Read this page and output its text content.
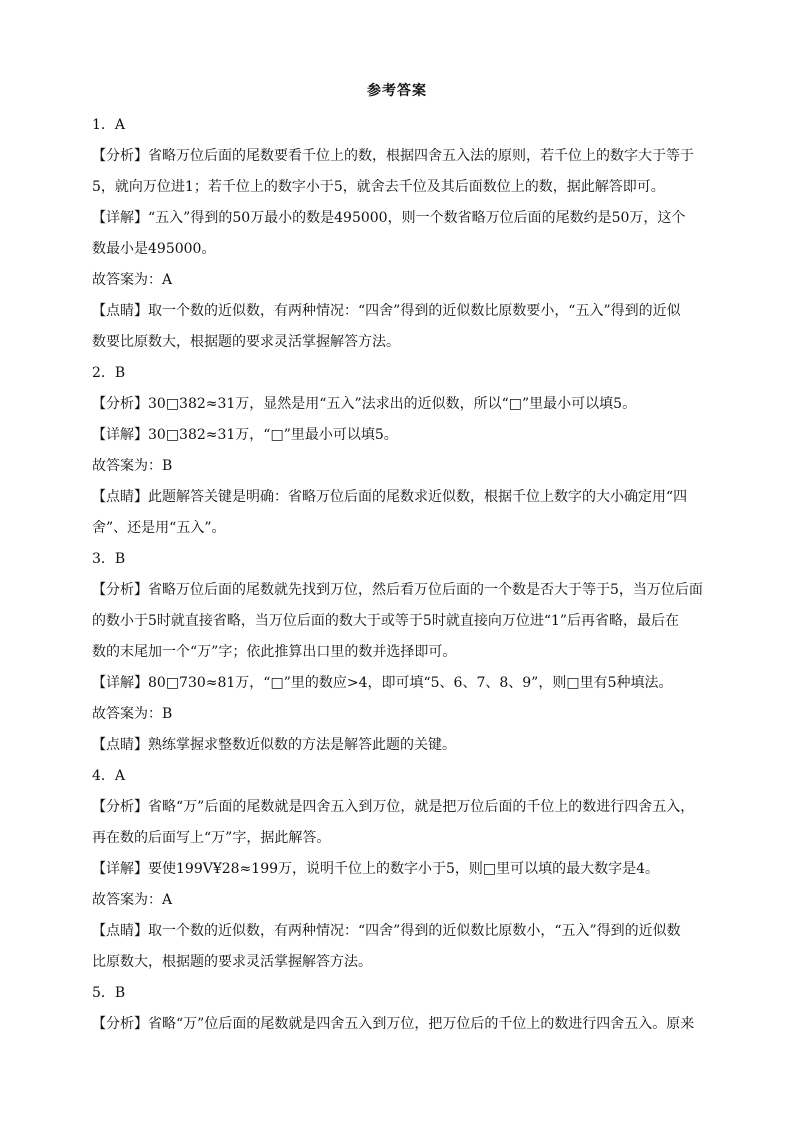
参考答案
1．A
【分析】省略万位后面的尾数要看千位上的数，根据四舍五入法的原则，若千位上的数字大于等于
5，就向万位进1；若千位上的数字小于5，就舍去千位及其后面数位上的数，据此解答即可。
【详解】“五入”得到的50万最小的数是495000，则一个数省略万位后面的尾数约是50万，这个
数最小是495000。
故答案为：A
【点睛】取一个数的近似数，有两种情况：“四舍”得到的近似数比原数要小，“五入”得到的近似
数要比原数大，根据题的要求灵活掌握解答方法。
2．B
【分析】30□382≈31万，显然是用“五入”法求出的近似数，所以“□”里最小可以填5。
【详解】30□382≈31万，“□”里最小可以填5。
故答案为：B
【点睛】此题解答关键是明确：省略万位后面的尾数求近似数，根据千位上数字的大小确定用“四
舍”、还是用“五入”。
3．B
【分析】省略万位后面的尾数就先找到万位，然后看万位后面的一个数是否大于等于5，当万位后面
的数小于5时就直接省略，当万位后面的数大于或等于5时就直接向万位进“1”后再省略，最后在
数的末尾加一个“万”字；依此推算出口里的数并选择即可。
【详解】80□730≈81万，“□”里的数应>4，即可填“5、6、7、8、9”，则□里有5种填法。
故答案为：B
【点睛】熟练掌握求整数近似数的方法是解答此题的关键。
4．A
【分析】省略“万”后面的尾数就是四舍五入到万位，就是把万位后面的千位上的数进行四舍五入，
再在数的后面写上“万”字，据此解答。
【详解】要使199V¥28≈199万，说明千位上的数字小于5，则□里可以填的最大数字是4。
故答案为：A
【点睛】取一个数的近似数，有两种情况：“四舍”得到的近似数比原数小，“五入”得到的近似数
比原数大，根据题的要求灵活掌握解答方法。
5．B
【分析】省略“万”位后面的尾数就是四舍五入到万位，把万位后的千位上的数进行四舍五入。原来
